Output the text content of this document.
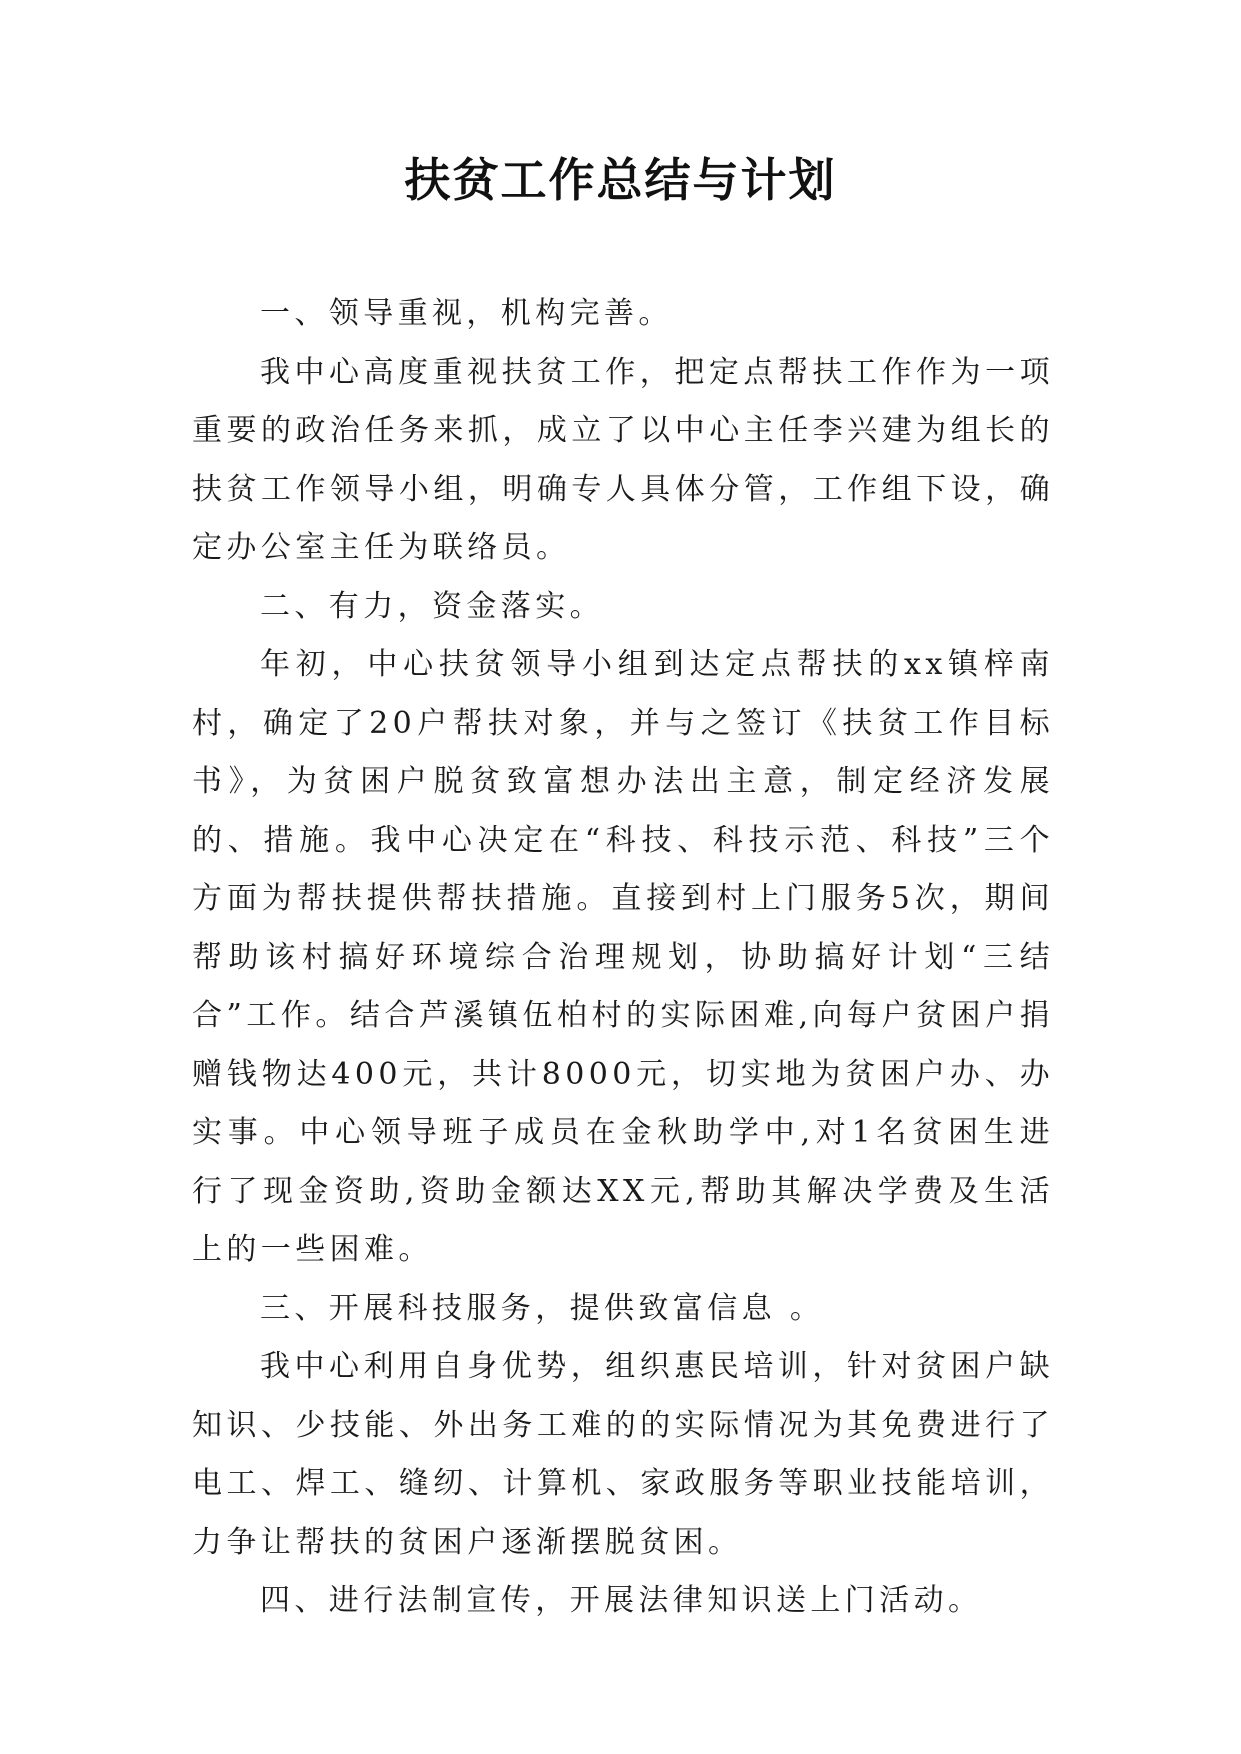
扶贫工作总结与计划

一、领导重视，机构完善。

我中心高度重视扶贫工作，把定点帮扶工作作为一项重要的政治任务来抓，成立了以中心主任李兴建为组长的扶贫工作领导小组，明确专人具体分管，工作组下设，确定办公室主任为联络员。

二、有力，资金落实。

年初，中心扶贫领导小组到达定点帮扶的xx镇梓南村，确定了20户帮扶对象，并与之签订《扶贫工作目标书》，为贫困户脱贫致富想办法出主意，制定经济发展的、措施。我中心决定在“科技、科技示范、科技”三个方面为帮扶提供帮扶措施。直接到村上门服务5次，期间帮助该村搞好环境综合治理规划，协助搞好计划“三结合”工作。结合芦溪镇伍柏村的实际困难,向每户贫困户捐赠钱物达400元，共计8000元，切实地为贫困户办、办实事。中心领导班子成员在金秋助学中,对1名贫困生进行了现金资助,资助金额达XX元,帮助其解决学费及生活上的一些困难。

三、开展科技服务，提供致富信息 。

我中心利用自身优势，组织惠民培训，针对贫困户缺知识、少技能、外出务工难的的实际情况为其免费进行了电工、焊工、缝纫、计算机、家政服务等职业技能培训，力争让帮扶的贫困户逐渐摆脱贫困。

四、进行法制宣传，开展法律知识送上门活动。
